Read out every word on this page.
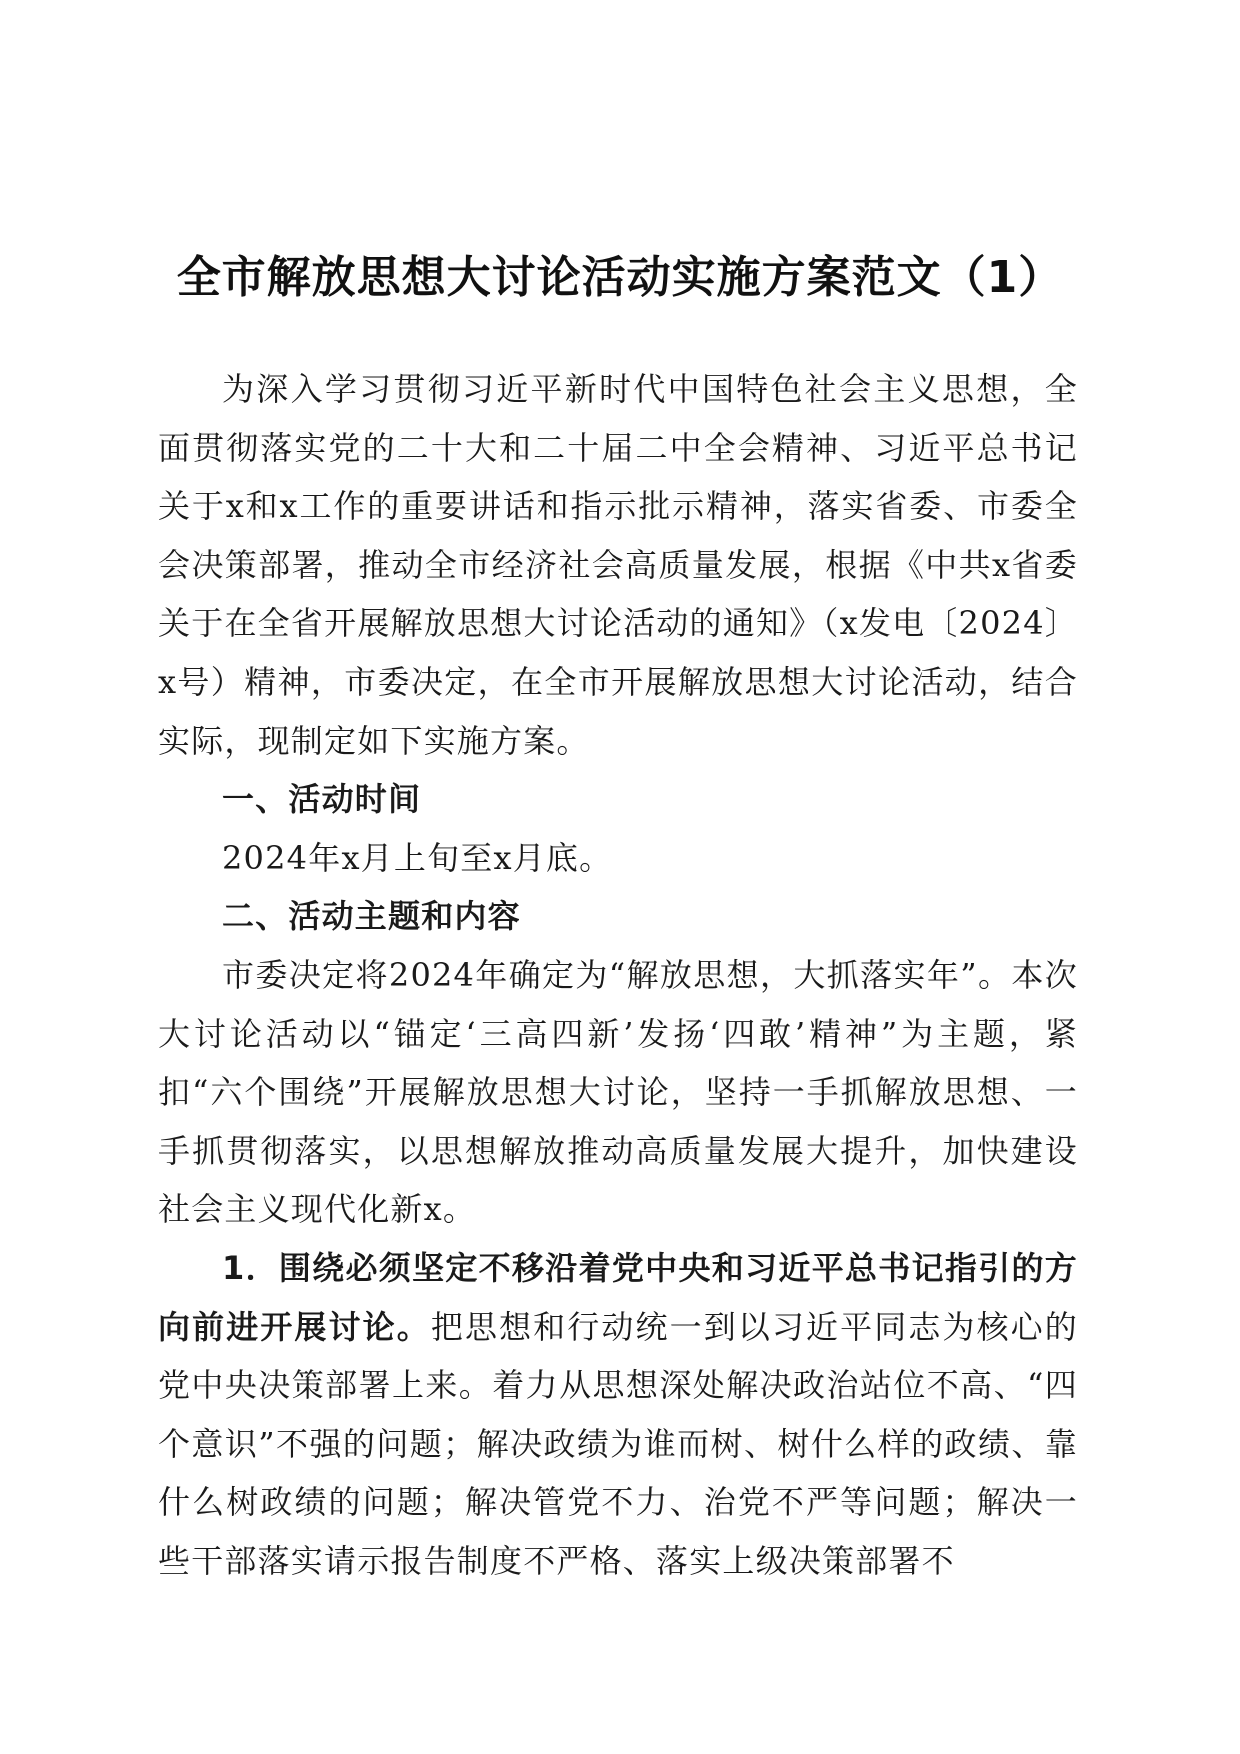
全市解放思想大讨论活动实施方案范文（1）

为深入学习贯彻习近平新时代中国特色社会主义思想，全面贯彻落实党的二十大和二十届二中全会精神、习近平总书记关于x和x工作的重要讲话和指示批示精神，落实省委、市委全会决策部署，推动全市经济社会高质量发展，根据《中共x省委关于在全省开展解放思想大讨论活动的通知》（x发电〔2024〕x号）精神，市委决定，在全市开展解放思想大讨论活动，结合实际，现制定如下实施方案。

一、活动时间

2024年x月上旬至x月底。

二、活动主题和内容

市委决定将2024年确定为“解放思想，大抓落实年”。本次大讨论活动以“锚定‘三高四新’发扬‘四敢’精神”为主题，紧扣“六个围绕”开展解放思想大讨论，坚持一手抓解放思想、一手抓贯彻落实，以思想解放推动高质量发展大提升，加快建设社会主义现代化新x。

1．围绕必须坚定不移沿着党中央和习近平总书记指引的方向前进开展讨论。把思想和行动统一到以习近平同志为核心的党中央决策部署上来。着力从思想深处解决政治站位不高、“四个意识”不强的问题；解决政绩为谁而树、树什么样的政绩、靠什么树政绩的问题；解决管党不力、治党不严等问题；解决一些干部落实请示报告制度不严格、落实上级决策部署不
